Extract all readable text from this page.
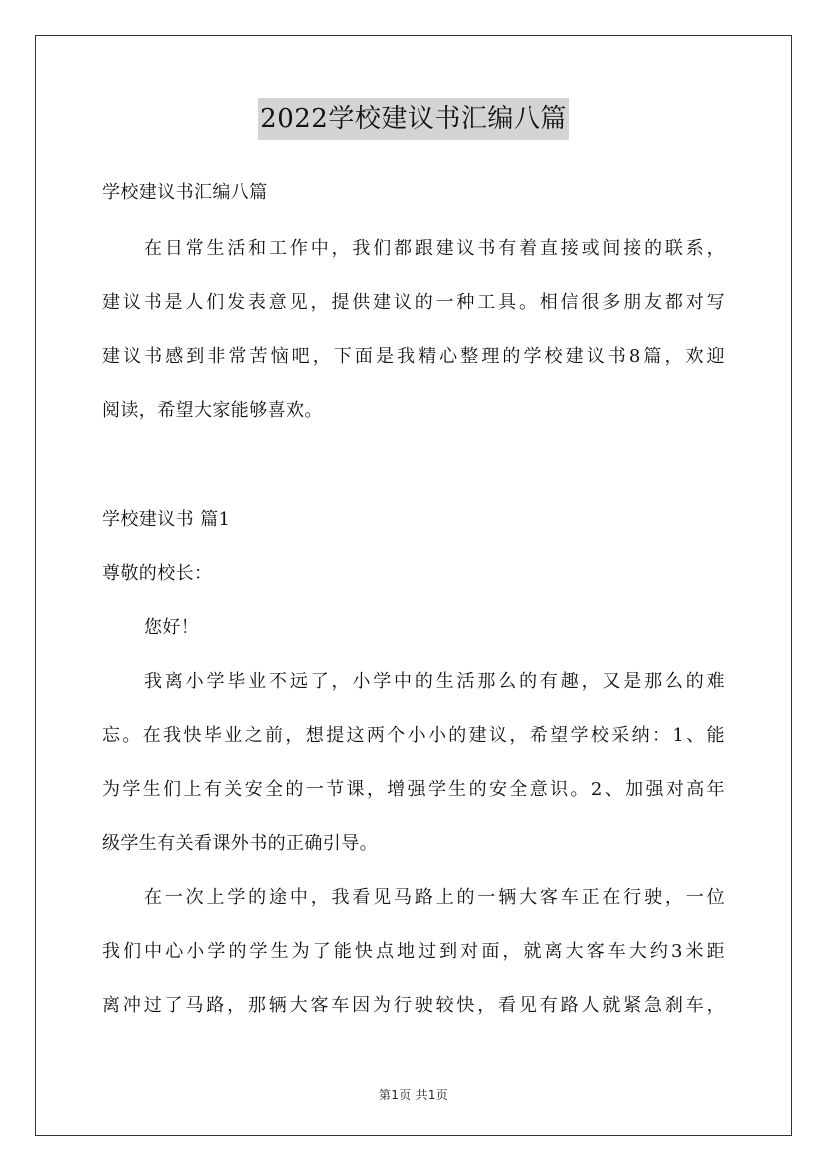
2022学校建议书汇编八篇
学校建议书汇编八篇
在日常生活和工作中，我们都跟建议书有着直接或间接的联系，
建议书是人们发表意见，提供建议的一种工具。相信很多朋友都对写
建议书感到非常苦恼吧，下面是我精心整理的学校建议书8篇，欢迎
阅读，希望大家能够喜欢。
学校建议书 篇1
尊敬的校长：
您好！
我离小学毕业不远了，小学中的生活那么的有趣，又是那么的难
忘。在我快毕业之前，想提这两个小小的建议，希望学校采纳：1、能
为学生们上有关安全的一节课，增强学生的安全意识。2、加强对高年
级学生有关看课外书的正确引导。
在一次上学的途中，我看见马路上的一辆大客车正在行驶，一位
我们中心小学的学生为了能快点地过到对面，就离大客车大约3米距
离冲过了马路，那辆大客车因为行驶较快，看见有路人就紧急刹车，
第1页 共1页
